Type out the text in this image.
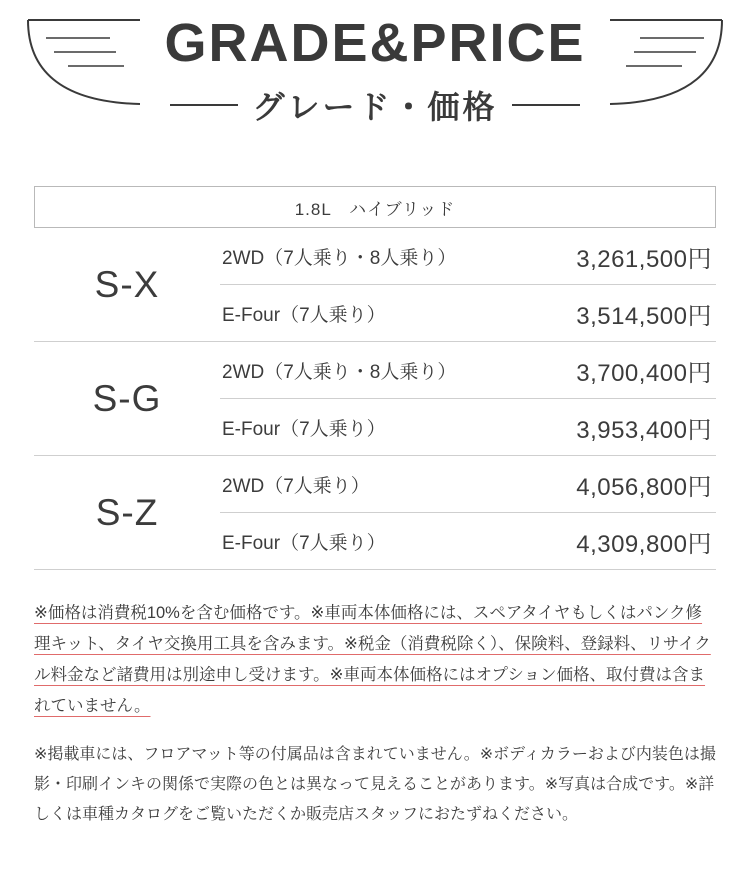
GRADE&PRICE
グレード・価格
1.8L　ハイブリッド
S-X
2WD（7人乗り・8人乗り）	3,261,500円
E-Four（7人乗り）	3,514,500円
S-G
2WD（7人乗り・8人乗り）	3,700,400円
E-Four（7人乗り）	3,953,400円
S-Z
2WD（7人乗り）	4,056,800円
E-Four（7人乗り）	4,309,800円
※価格は消費税10%を含む価格です。※車両本体価格には、スペアタイヤもしくはパンク修理キット、タイヤ交換用工具を含みます。※税金（消費税除く）、保険料、登録料、リサイクル料金など諸費用は別途申し受けます。※車両本体価格にはオプション価格、取付費は含まれていません。
※掲載車には、フロアマット等の付属品は含まれていません。※ボディカラーおよび内装色は撮影・印刷インキの関係で実際の色とは異なって見えることがあります。※写真は合成です。※詳しくは車種カタログをご覧いただくか販売店スタッフにおたずねください。
